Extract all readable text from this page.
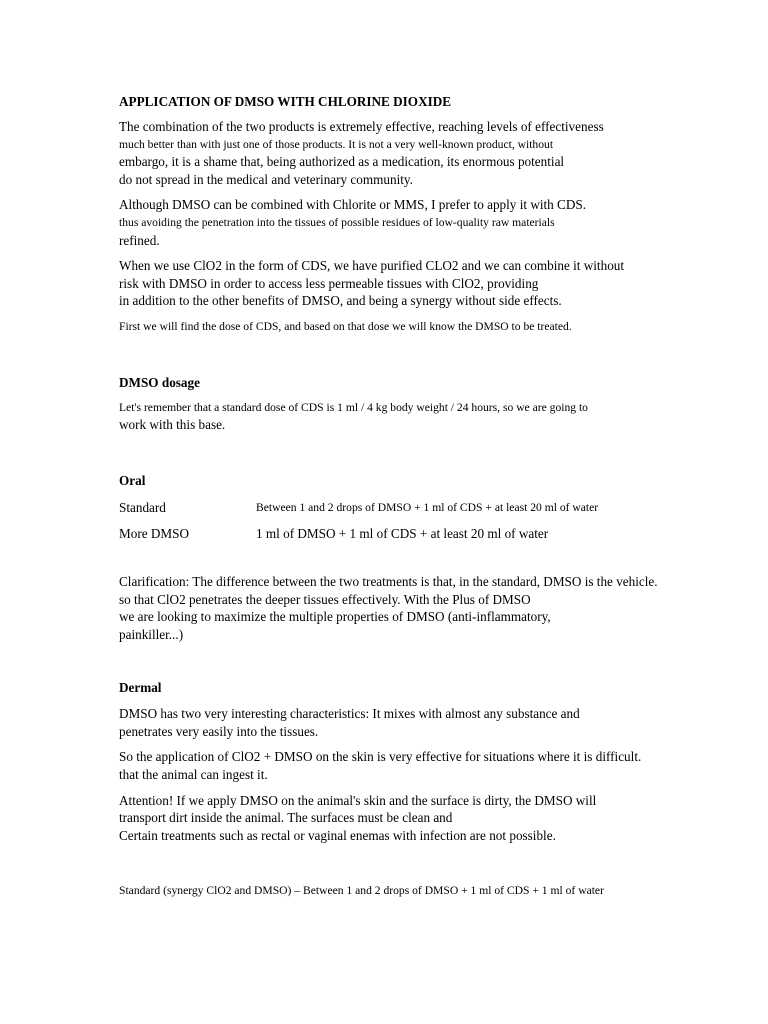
APPLICATION OF DMSO WITH CHLORINE DIOXIDE
The combination of the two products is extremely effective, reaching levels of effectiveness
much better than with just one of those products. It is not a very well-known product, without
embargo, it is a shame that, being authorized as a medication, its enormous potential
do not spread in the medical and veterinary community.
Although DMSO can be combined with Chlorite or MMS, I prefer to apply it with CDS.
thus avoiding the penetration into the tissues of possible residues of low-quality raw materials
refined.
When we use ClO2 in the form of CDS, we have purified CLO2 and we can combine it without
risk with DMSO in order to access less permeable tissues with ClO2, providing
in addition to the other benefits of DMSO, and being a synergy without side effects.
First we will find the dose of CDS, and based on that dose we will know the DMSO to be treated.
DMSO dosage
Let's remember that a standard dose of CDS is 1 ml / 4 kg body weight / 24 hours, so we are going to
work with this base.
Oral
Standard	Between 1 and 2 drops of DMSO + 1 ml of CDS + at least 20 ml of water
More DMSO	1 ml of DMSO + 1 ml of CDS + at least 20 ml of water
Clarification: The difference between the two treatments is that, in the standard, DMSO is the vehicle.
so that ClO2 penetrates the deeper tissues effectively. With the Plus of DMSO
we are looking to maximize the multiple properties of DMSO (anti-inflammatory,
painkiller...)
Dermal
DMSO has two very interesting characteristics: It mixes with almost any substance and
penetrates very easily into the tissues.
So the application of ClO2 + DMSO on the skin is very effective for situations where it is difficult.
that the animal can ingest it.
Attention! If we apply DMSO on the animal's skin and the surface is dirty, the DMSO will
transport dirt inside the animal. The surfaces must be clean and
Certain treatments such as rectal or vaginal enemas with infection are not possible.
Standard (synergy ClO2 and DMSO) – Between 1 and 2 drops of DMSO + 1 ml of CDS + 1 ml of water
